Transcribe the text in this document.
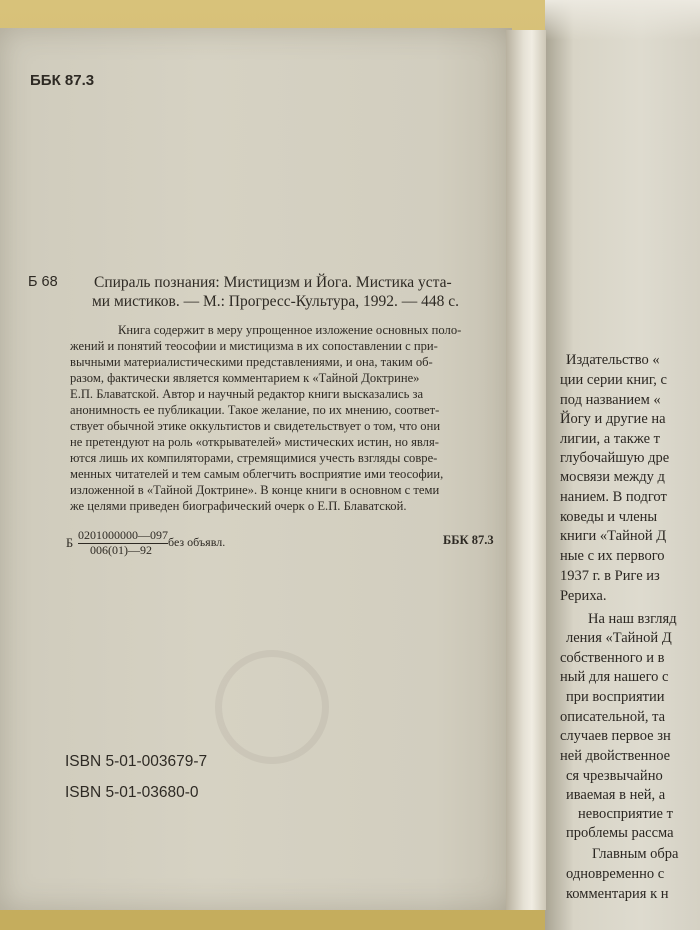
ББК 87.3
Б 68 Спираль познания: Мистицизм и Йога. Мистика уста-
ми мистиков. — М.: Прогресс-Культура, 1992. — 448 с.
Книга содержит в меру упрощенное изложение основных поло-
жений и понятий теософии и мистицизма в их сопоставлении с при-
вычными материалистическими представлениями, и она, таким об-
разом, фактически является комментарием к «Тайной Доктрине»
Е.П. Блаватской. Автор и научный редактор книги высказались за
анонимность ее публикации. Такое желание, по их мнению, соответ-
ствует обычной этике оккультистов и свидетельствует о том, что они
не претендуют на роль «открывателей» мистических истин, но явля-
ются лишь их компиляторами, стремящимися учесть взгляды совре-
менных читателей и тем самым облегчить восприятие ими теософии,
изложенной в «Тайной Доктрине». В конце книги в основном с теми
же целями приведен биографический очерк о Е.П. Блаватской.
Б $\frac{0201000000—097}{006(01)—92}$ без объявл.	ББК 87.3
ISBN 5-01-003679-7
ISBN 5-01-03680-0
Издательство «
ции серии книг, с
под названием «
Йогу и другие на
лигии, а также т
глубочайшую дре
мосвязи между д
нанием. В подгот
коведы и члены
книги «Тайной Д
ные с их первого
1937 г. в Риге из
Рериха.
На наш взгляд
ления «Тайной Д
собственного и в
ный для нашего с
при восприятии
описательной, та
случаев первое зн
ней двойственное
ся чрезвычайно
иваемая в ней, а
невосприятие т
проблемы рассма
Главным обра
одновременно с
комментария к н
